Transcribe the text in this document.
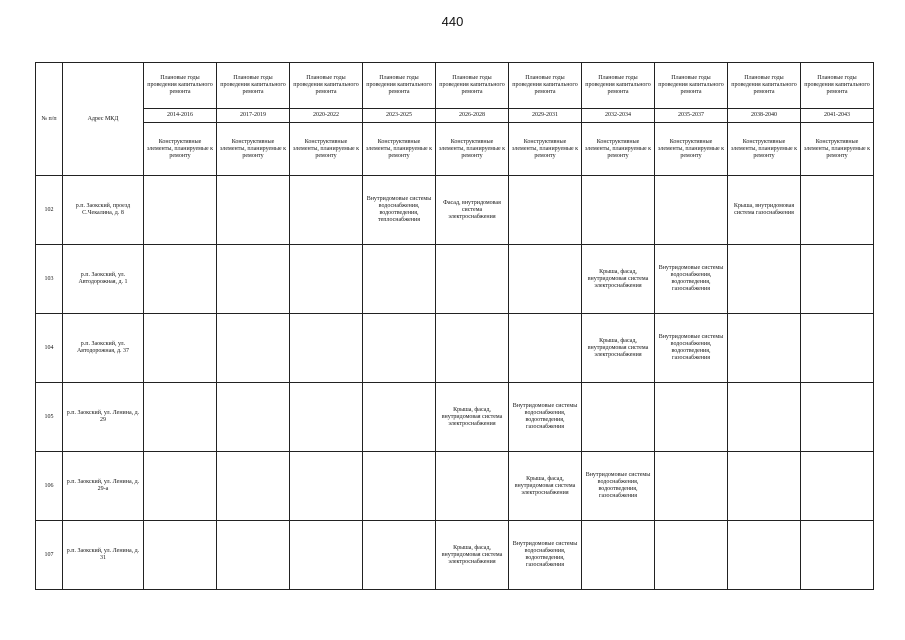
440
№ п/п	Адрес МКД	Плановые годы проведения капитального ремонта	Плановые годы проведения капитального ремонта	Плановые годы проведения капитального ремонта	Плановые годы проведения капитального ремонта	Плановые годы проведения капитального ремонта	Плановые годы проведения капитального ремонта	Плановые годы проведения капитального ремонта	Плановые годы проведения капитального ремонта	Плановые годы проведения капитального ремонта	Плановые годы проведения капитального ремонта
		2014-2016	2017-2019	2020-2022	2023-2025	2026-2028	2029-2031	2032-2034	2035-2037	2038-2040	2041-2043
		Конструктивные элементы, планируемые к ремонту	Конструктивные элементы, планируемые к ремонту	Конструктивные элементы, планируемые к ремонту	Конструктивные элементы, планируемые к ремонту	Конструктивные элементы, планируемые к ремонту	Конструктивные элементы, планируемые к ремонту	Конструктивные элементы, планируемые к ремонту	Конструктивные элементы, планируемые к ремонту	Конструктивные элементы, планируемые к ремонту	Конструктивные элементы, планируемые к ремонту
102	р.п. Заокский, проезд С.Чекалина, д. 8				Внутридомовые системы водоснабжения, водоотведения, теплоснабжения	Фасад, внутридомовая система электроснабжения				Крыша, внутридомовая система газоснабжения	
103	р.п. Заокский, ул. Автодорожная, д. 1							Крыша, фасад, внутридомовая система электроснабжения	Внутридомовые системы водоснабжения, водоотведения, газоснабжения		
104	р.п. Заокский, ул. Автодорожная, д. 37							Крыша, фасад, внутридомовая система электроснабжения	Внутридомовые системы водоснабжения, водоотведения, газоснабжения		
105	р.п. Заокский, ул. Ленина, д. 29					Крыша, фасад, внутридомовая система электроснабжения	Внутридомовые системы водоснабжения, водоотведения, газоснабжения				
106	р.п. Заокский, ул. Ленина, д. 29-а						Крыша, фасад, внутридомовая система электроснабжения	Внутридомовые системы водоснабжения, водоотведения, газоснабжения			
107	р.п. Заокский, ул. Ленина, д. 31					Крыша, фасад, внутридомовая система электроснабжения	Внутридомовые системы водоснабжения, водоотведения, газоснабжения				
